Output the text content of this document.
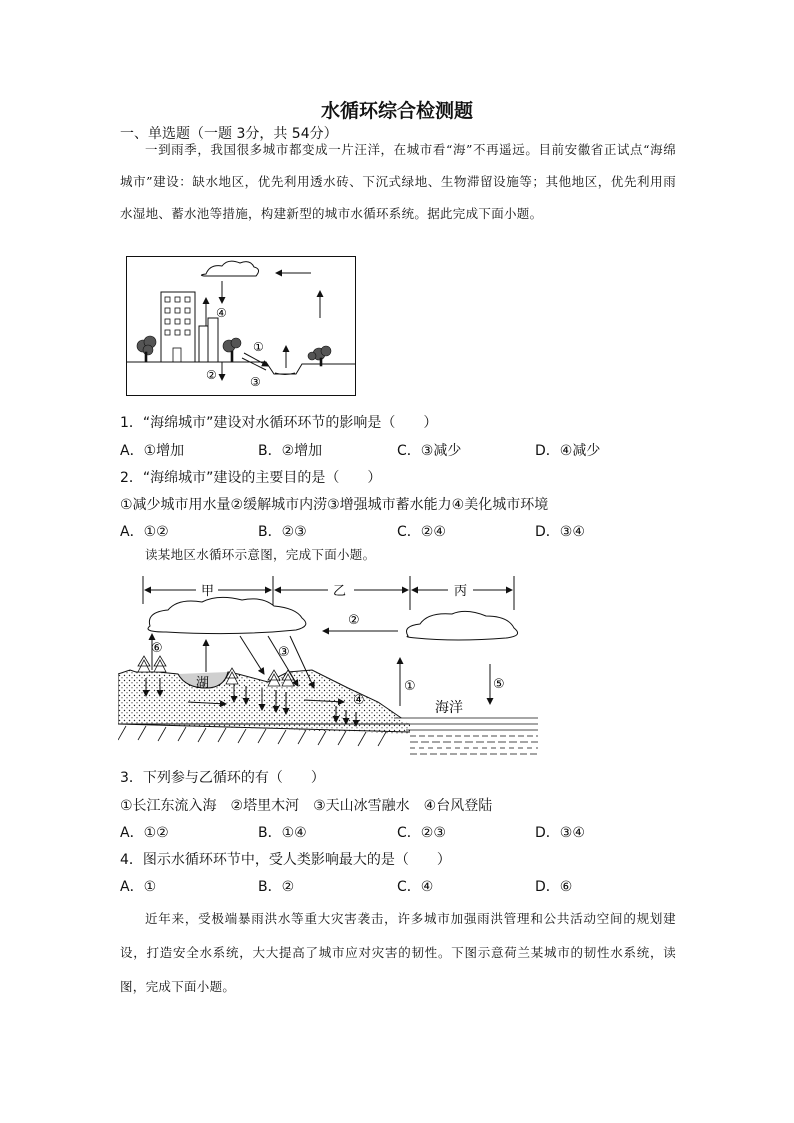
水循环综合检测题
一、单选题（一题 3分，共 54分）
一到雨季，我国很多城市都变成一片汪洋，在城市看“海”不再遥远。目前安徽省正试点“海绵城市”建设：缺水地区，优先利用透水砖、下沉式绿地、生物滞留设施等；其他地区，优先利用雨水湿地、蓄水池等措施，构建新型的城市水循环系统。据此完成下面小题。
④
①
②	③
1．“海绵城市”建设对水循环环节的影响是（　　）
A．①增加	B．②增加	C．③减少	D．④减少
2．“海绵城市”建设的主要目的是（　　）
①减少城市用水量②缓解城市内涝③增强城市蓄水能力④美化城市环境
A．①②	B．②③	C．②④	D．③④
读某地区水循环示意图，完成下面小题。
甲	乙	丙
②
海洋
⑥	③
④
①	⑤
湖
3．下列参与乙循环的有（　　）
①长江东流入海　②塔里木河　③天山冰雪融水　④台风登陆
A．①②	B．①④	C．②③	D．③④
4．图示水循环环节中，受人类影响最大的是（　　）
A．①	B．②	C．④	D．⑥
近年来，受极端暴雨洪水等重大灾害袭击，许多城市加强雨洪管理和公共活动空间的规划建设，打造安全水系统，大大提高了城市应对灾害的韧性。下图示意荷兰某城市的韧性水系统，读图，完成下面小题。
